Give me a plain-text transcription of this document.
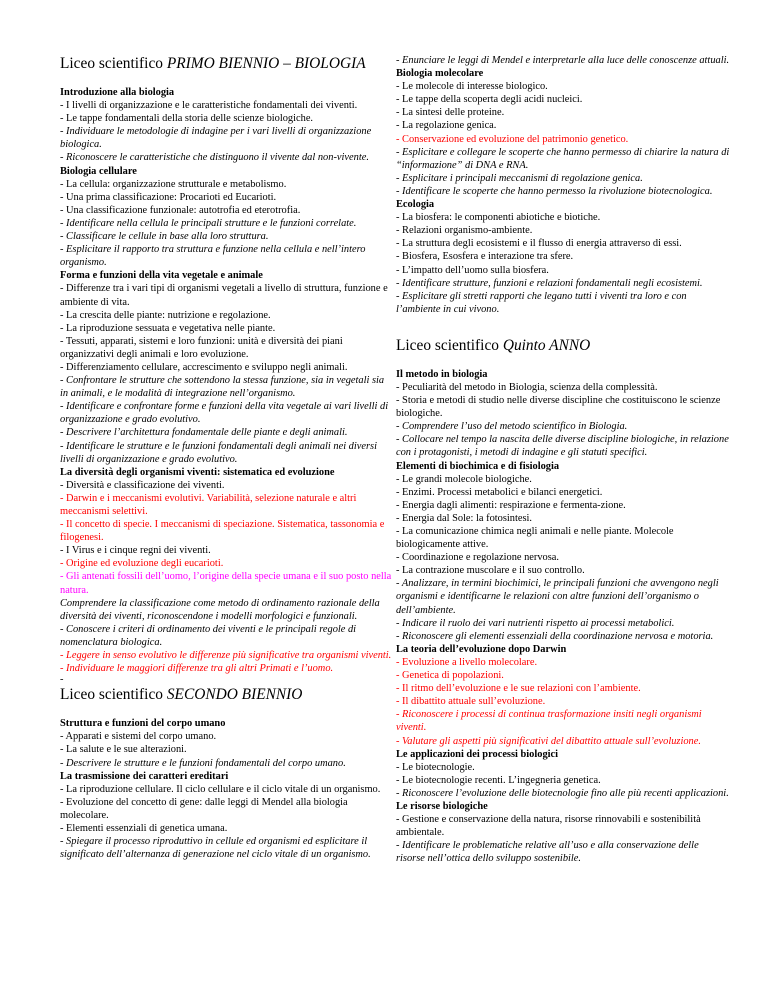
Liceo scientifico PRIMO BIENNIO – BIOLOGIA
Introduzione alla biologia
- I livelli di organizzazione e le caratteristiche fondamentali dei viventi.
- Le tappe fondamentali della storia delle scienze biologiche.
- Individuare le metodologie di indagine per i vari livelli di organizzazione biologica.
- Riconoscere le caratteristiche che distinguono il vivente dal non-vivente.
Biologia cellulare
- La cellula: organizzazione strutturale e metabolismo.
- Una prima classificazione: Procarioti ed Eucarioti.
- Una classificazione funzionale: autotrofia ed eterotrofia.
- Identificare nella cellula le principali strutture e le funzioni correlate.
- Classificare le cellule in base alla loro struttura.
- Esplicitare il rapporto tra struttura e funzione nella cellula e nell’intero organismo.
Forma e funzioni della vita vegetale e animale
- Differenze tra i vari tipi di organismi vegetali a livello di struttura, funzione e ambiente di vita.
- La crescita delle piante: nutrizione e regolazione.
- La riproduzione sessuata e vegetativa nelle piante.
- Tessuti, apparati, sistemi e loro funzioni: unità e diversità dei piani organizzativi degli animali e loro evoluzione.
- Differenziamento cellulare, accrescimento e sviluppo negli animali.
- Confrontare le strutture che sottendono la stessa funzione, sia in vegetali sia in animali, e le modalità di integrazione nell’organismo.
- Identificare e confrontare forme e funzioni della vita vegetale ai vari livelli di organizzazione e grado evolutivo.
- Descrivere l’architettura fondamentale delle piante e degli animali.
- Identificare le strutture e le funzioni fondamentali degli animali nei diversi livelli di organizzazione e grado evolutivo.
La diversità degli organismi viventi: sistematica ed evoluzione
- Diversità e classificazione dei viventi.
- Darwin e i meccanismi evolutivi. Variabilità, selezione naturale e altri meccanismi selettivi.
- Il concetto di specie. I meccanismi di speciazione. Sistematica, tassonomia e filogenesi.
- I Virus e i cinque regni dei viventi.
- Origine ed evoluzione degli eucarioti.
- Gli antenati fossili dell’uomo, l’origine della specie umana e il suo posto nella natura.
Comprendere la classificazione come metodo di ordinamento razionale della diversità dei viventi, riconoscendone i modelli morfologici e funzionali.
- Conoscere i criteri di ordinamento dei viventi e le principali regole di nomenclatura biologica.
- Leggere in senso evolutivo le differenze più significative tra organismi viventi.
- Individuare le maggiori differenze tra gli altri Primati e l’uomo.
-
Liceo scientifico SECONDO BIENNIO
Struttura e funzioni del corpo umano
- Apparati e sistemi del corpo umano.
- La salute e le sue alterazioni.
- Descrivere le strutture e le funzioni fondamentali del corpo umano.
La trasmissione dei caratteri ereditari
- La riproduzione cellulare. Il ciclo cellulare e il ciclo vitale di un organismo.
- Evoluzione del concetto di gene: dalle leggi di Mendel alla biologia molecolare.
- Elementi essenziali di genetica umana.
- Spiegare il processo riproduttivo in cellule ed organismi ed esplicitare il significato dell’alternanza di generazione nel ciclo vitale di un organismo.
- Enunciare le leggi di Mendel e interpretarle alla luce delle conoscenze attuali.
Biologia molecolare
- Le molecole di interesse biologico.
- Le tappe della scoperta degli acidi nucleici.
- La sintesi delle proteine.
- La regolazione genica.
- Conservazione ed evoluzione del patrimonio genetico.
- Esplicitare e collegare le scoperte che hanno permesso di chiarire la natura di “informazione” di DNA e RNA.
- Esplicitare i principali meccanismi di regolazione genica.
- Identificare le scoperte che hanno permesso la rivoluzione biotecnologica.
Ecologia
- La biosfera: le componenti abiotiche e biotiche.
- Relazioni organismo-ambiente.
- La struttura degli ecosistemi e il flusso di energia attraverso di essi.
- Biosfera, Esosfera e interazione tra sfere.
- L’impatto dell’uomo sulla biosfera.
- Identificare strutture, funzioni e relazioni fondamentali negli ecosistemi.
- Esplicitare gli stretti rapporti che legano tutti i viventi tra loro e con l’ambiente in cui vivono.
Liceo scientifico Quinto ANNO
Il metodo in biologia
- Peculiarità del metodo in Biologia, scienza della complessità.
- Storia e metodi di studio nelle diverse discipline che costituiscono le scienze biologiche.
- Comprendere l’uso del metodo scientifico in Biologia.
- Collocare nel tempo la nascita delle diverse discipline biologiche, in relazione con i protagonisti, i metodi di indagine e gli statuti specifici.
Elementi di biochimica e di fisiologia
- Le grandi molecole biologiche.
- Enzimi. Processi metabolici e bilanci energetici.
- Energia dagli alimenti: respirazione e fermenta-zione.
- Energia dal Sole: la fotosintesi.
- La comunicazione chimica negli animali e nelle piante. Molecole biologicamente attive.
- Coordinazione e regolazione nervosa.
- La contrazione muscolare e il suo controllo.
- Analizzare, in termini biochimici, le principali funzioni che avvengono negli organismi e identificarne le relazioni con altre funzioni dell’organismo o dell’ambiente.
- Indicare il ruolo dei vari nutrienti rispetto ai processi metabolici.
- Riconoscere gli elementi essenziali della coordinazione nervosa e motoria.
La teoria dell’evoluzione dopo Darwin
- Evoluzione a livello molecolare.
- Genetica di popolazioni.
- Il ritmo dell’evoluzione e le sue relazioni con l’ambiente.
- Il dibattito attuale sull’evoluzione.
- Riconoscere i processi di continua trasformazione insiti negli organismi viventi.
- Valutare gli aspetti più significativi del dibattito attuale sull’evoluzione.
Le applicazioni dei processi biologici
- Le biotecnologie.
- Le biotecnologie recenti. L’ingegneria genetica.
- Riconoscere l’evoluzione delle biotecnologie fino alle più recenti applicazioni.
Le risorse biologiche
- Gestione e conservazione della natura, risorse rinnovabili e sostenibilità ambientale.
- Identificare le problematiche relative all’uso e alla conservazione delle risorse nell’ottica dello sviluppo sostenibile.
